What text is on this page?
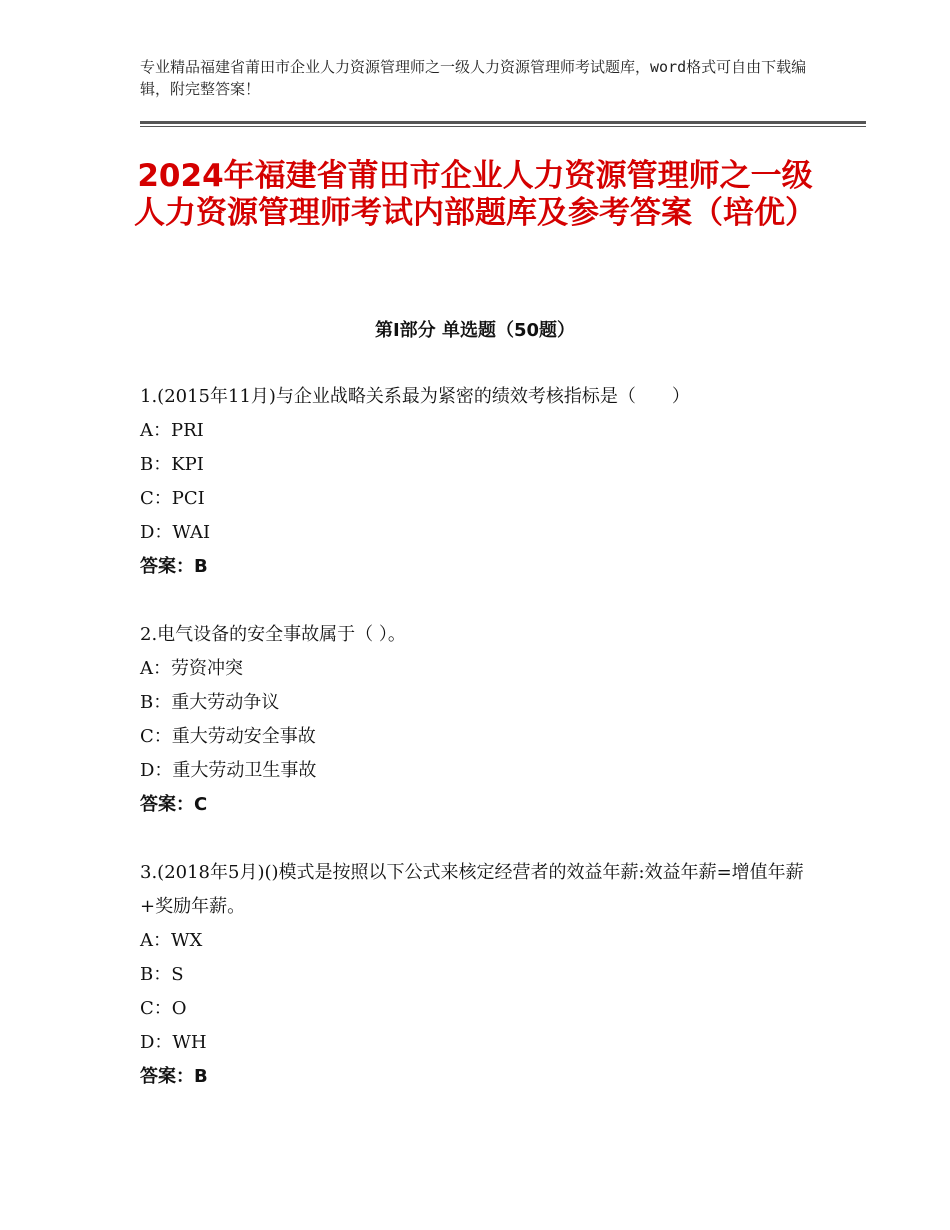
专业精品福建省莆田市企业人力资源管理师之一级人力资源管理师考试题库，word格式可自由下载编辑，附完整答案！
2024年福建省莆田市企业人力资源管理师之一级人力资源管理师考试内部题库及参考答案（培优）
第Ⅰ部分 单选题（50题）
1.(2015年11月)与企业战略关系最为紧密的绩效考核指标是（　　）
A：PRI
B：KPI
C：PCI
D：WAI
答案：B
2.电气设备的安全事故属于（ ）。
A：劳资冲突
B：重大劳动争议
C：重大劳动安全事故
D：重大劳动卫生事故
答案：C
3.(2018年5月)()模式是按照以下公式来核定经营者的效益年薪:效益年薪=增值年薪+奖励年薪。
A：WX
B：S
C：O
D：WH
答案：B
